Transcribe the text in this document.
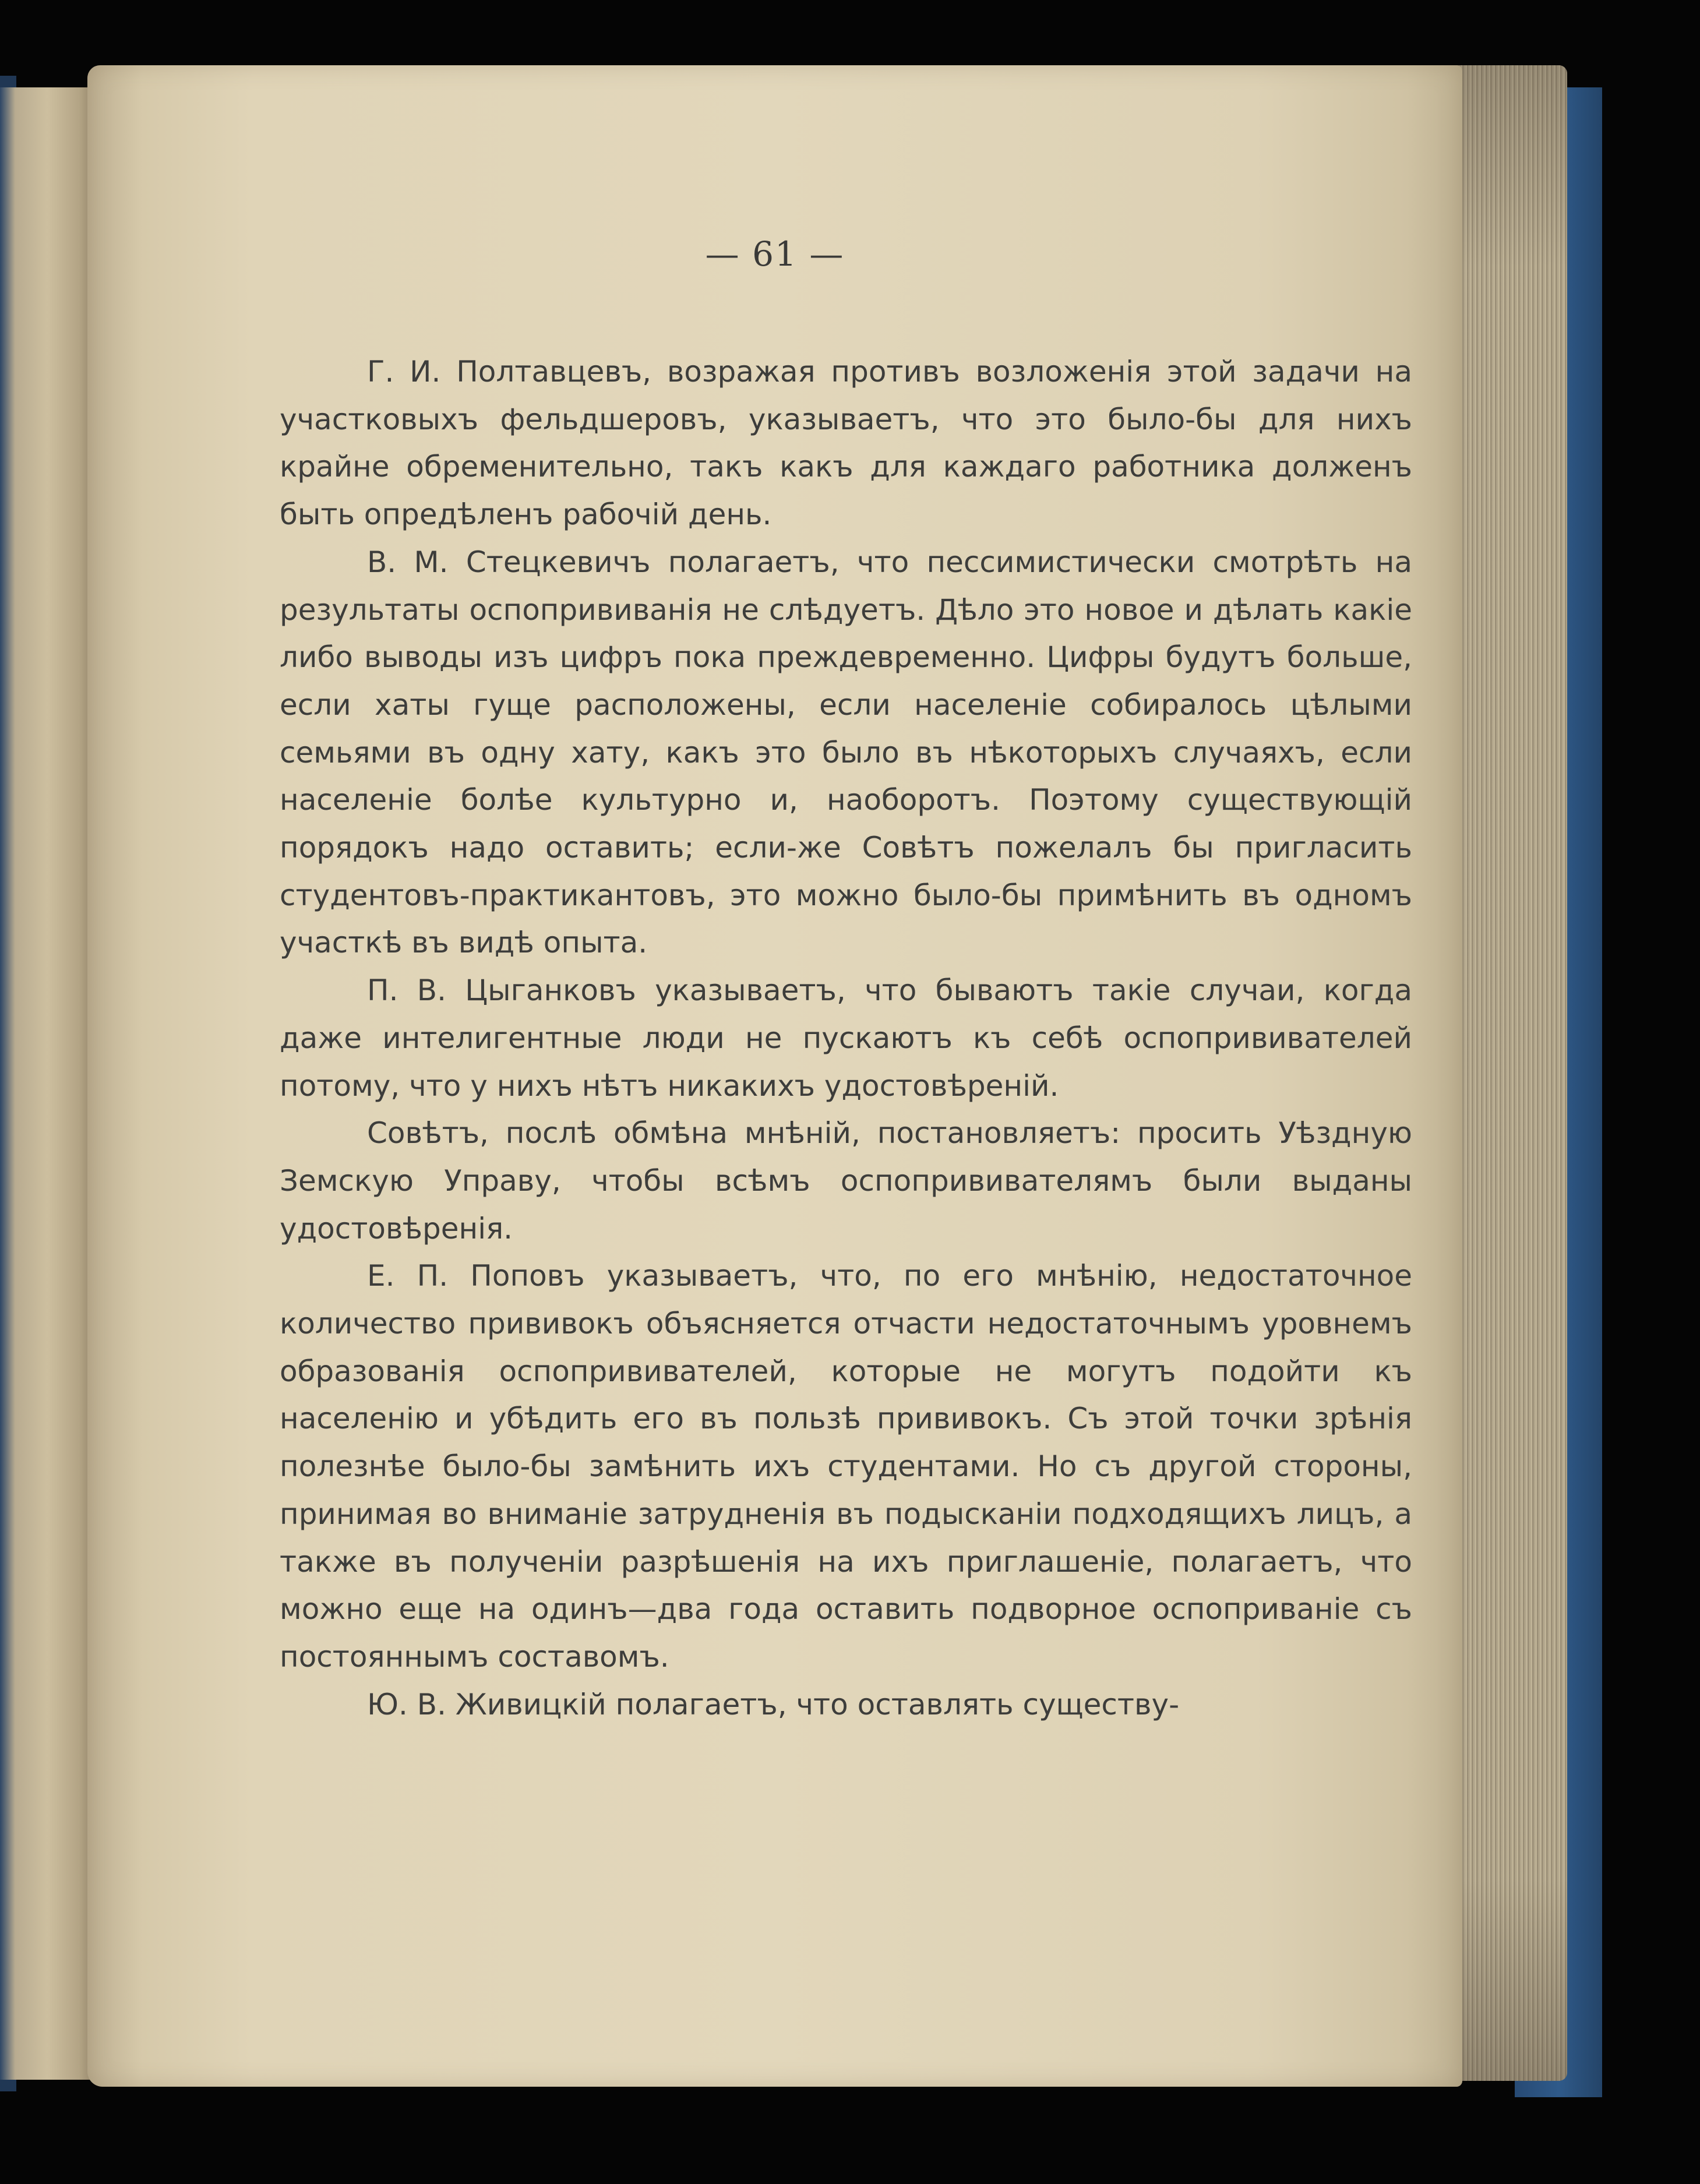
— 61 —

Г. И. Полтавцевъ, возражая противъ возложенія этой задачи на участковыхъ фельдшеровъ, указываетъ, что это было-бы для нихъ крайне обременительно, такъ какъ для каждаго работника долженъ быть опредѣленъ рабочій день.

В. М. Стецкевичъ полагаетъ, что пессимистически смотрѣть на результаты оспопрививанія не слѣдуетъ. Дѣло это новое и дѣлать какіе либо выводы изъ цифръ пока преждевременно. Цифры будутъ больше, если хаты гуще расположены, если населеніе собиралось цѣлыми семьями въ одну хату, какъ это было въ нѣкоторыхъ случаяхъ, если населеніе болѣе культурно и, наоборотъ. Поэтому существующій порядокъ надо оставить; если-же Совѣтъ пожелалъ бы пригласить студентовъ-практикантовъ, это можно было-бы примѣнить въ одномъ участкѣ въ видѣ опыта.

П. В. Цыганковъ указываетъ, что бываютъ такіе случаи, когда даже интелигентные люди не пускаютъ къ себѣ оспопрививателей потому, что у нихъ нѣтъ никакихъ удостовѣреній.

Совѣтъ, послѣ обмѣна мнѣній, постановляетъ: просить Уѣздную Земскую Управу, чтобы всѣмъ оспопрививателямъ были выданы удостовѣренія.

Е. П. Поповъ указываетъ, что, по его мнѣнію, недостаточное количество прививокъ объясняется отчасти недостаточнымъ уровнемъ образованія оспопрививателей, которые не могутъ подойти къ населенію и убѣдить его въ пользѣ прививокъ. Съ этой точки зрѣнія полезнѣе было-бы замѣнить ихъ студентами. Но съ другой стороны, принимая во вниманіе затрудненія въ подысканіи подходящихъ лицъ, а также въ полученіи разрѣшенія на ихъ приглашеніе, полагаетъ, что можно еще на одинъ—два года оставить подворное оспоприваніе съ постояннымъ составомъ.

Ю. В. Живицкій полагаетъ, что оставлять существу-
